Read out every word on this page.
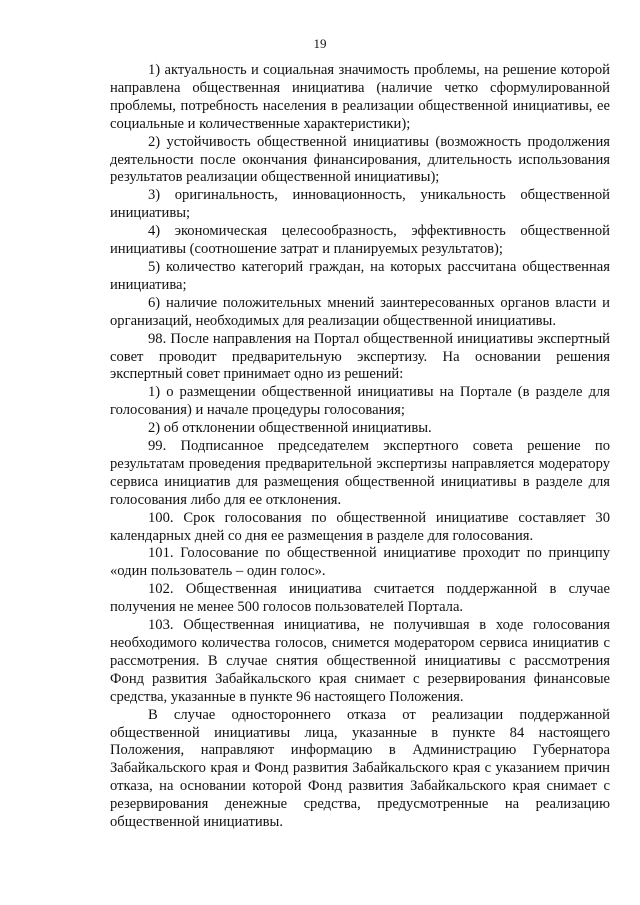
19

1) актуальность и социальная значимость проблемы, на решение которой направлена общественная инициатива (наличие четко сформулированной проблемы, потребность населения в реализации общественной инициативы, ее социальные и количественные характеристики);

2) устойчивость общественной инициативы (возможность продолжения деятельности после окончания финансирования, длительность использования результатов реализации общественной инициативы);

3) оригинальность, инновационность, уникальность общественной инициативы;

4) экономическая целесообразность, эффективность общественной инициативы (соотношение затрат и планируемых результатов);

5) количество категорий граждан, на которых рассчитана общественная инициатива;

6) наличие положительных мнений заинтересованных органов власти и организаций, необходимых для реализации общественной инициативы.

98. После направления на Портал общественной инициативы экспертный совет проводит предварительную экспертизу. На основании решения экспертный совет принимает одно из решений:

1) о размещении общественной инициативы на Портале (в разделе для голосования) и начале процедуры голосования;

2) об отклонении общественной инициативы.

99. Подписанное председателем экспертного совета решение по результатам проведения предварительной экспертизы направляется модератору сервиса инициатив для размещения общественной инициативы в разделе для голосования либо для ее отклонения.

100. Срок голосования по общественной инициативе составляет 30 календарных дней со дня ее размещения в разделе для голосования.

101. Голосование по общественной инициативе проходит по принципу «один пользователь – один голос».

102. Общественная инициатива считается поддержанной в случае получения не менее 500 голосов пользователей Портала.

103. Общественная инициатива, не получившая в ходе голосования необходимого количества голосов, снимется модератором сервиса инициатив с рассмотрения. В случае снятия общественной инициативы с рассмотрения Фонд развития Забайкальского края снимает с резервирования финансовые средства, указанные в пункте 96 настоящего Положения.

В случае одностороннего отказа от реализации поддержанной общественной инициативы лица, указанные в пункте 84 настоящего Положения, направляют информацию в Администрацию Губернатора Забайкальского края и Фонд развития Забайкальского края с указанием причин отказа, на основании которой Фонд развития Забайкальского края снимает с резервирования денежные средства, предусмотренные на реализацию общественной инициативы.
